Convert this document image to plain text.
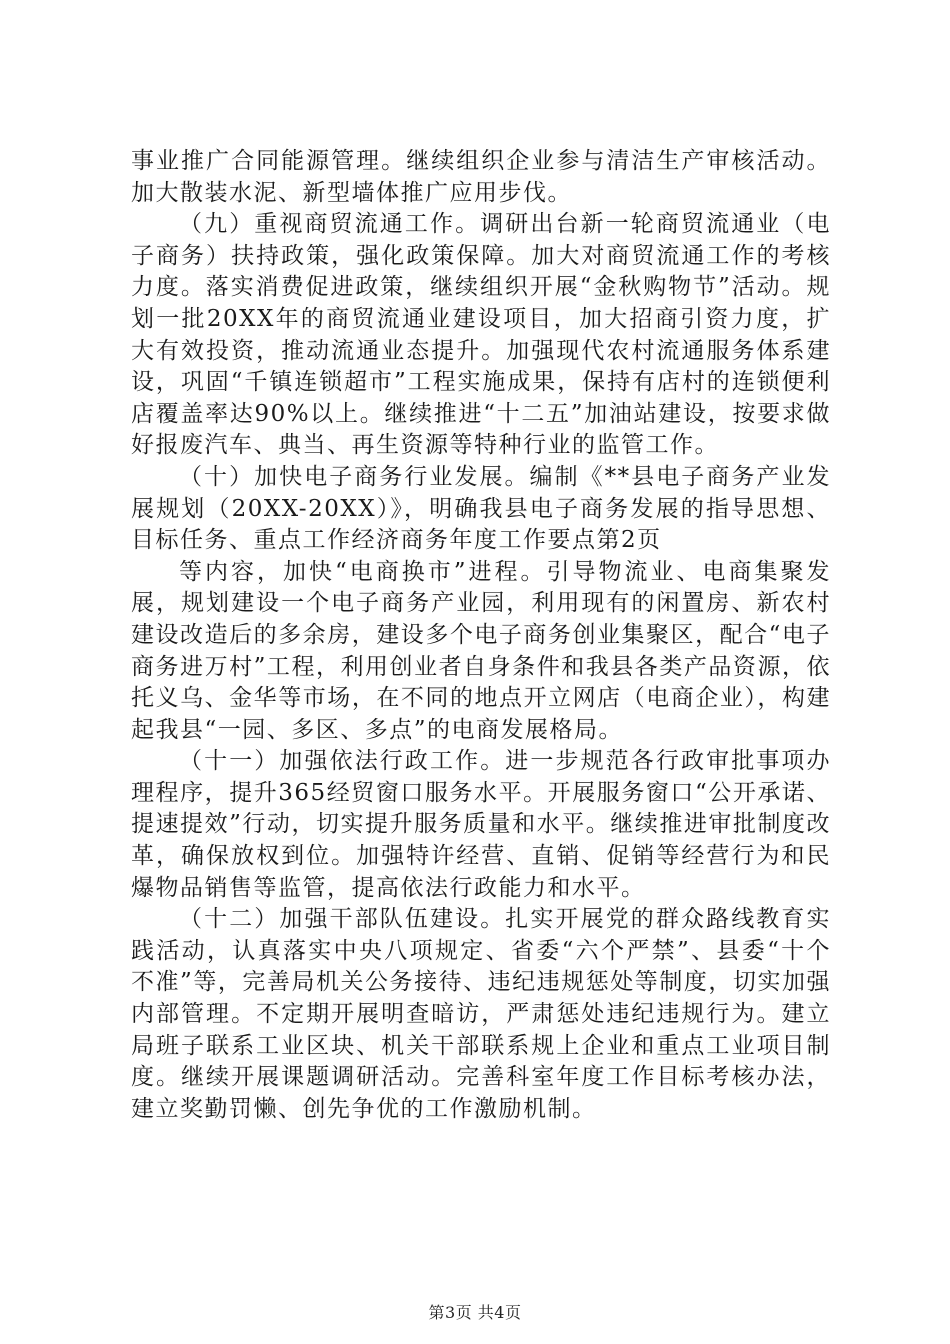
事业推广合同能源管理。继续组织企业参与清洁生产审核活动。加大散装水泥、新型墙体推广应用步伐。

（九）重视商贸流通工作。调研出台新一轮商贸流通业（电子商务）扶持政策，强化政策保障。加大对商贸流通工作的考核力度。落实消费促进政策，继续组织开展“金秋购物节”活动。规划一批20XX年的商贸流通业建设项目，加大招商引资力度，扩大有效投资，推动流通业态提升。加强现代农村流通服务体系建设，巩固“千镇连锁超市”工程实施成果，保持有店村的连锁便利店覆盖率达90%以上。继续推进“十二五”加油站建设，按要求做好报废汽车、典当、再生资源等特种行业的监管工作。

（十）加快电子商务行业发展。编制《**县电子商务产业发展规划（20XX-20XX）》，明确我县电子商务发展的指导思想、目标任务、重点工作经济商务年度工作要点第2页

等内容，加快“电商换市”进程。引导物流业、电商集聚发展，规划建设一个电子商务产业园，利用现有的闲置房、新农村建设改造后的多余房，建设多个电子商务创业集聚区，配合“电子商务进万村”工程，利用创业者自身条件和我县各类产品资源，依托义乌、金华等市场，在不同的地点开立网店（电商企业），构建起我县“一园、多区、多点”的电商发展格局。

（十一）加强依法行政工作。进一步规范各行政审批事项办理程序，提升365经贸窗口服务水平。开展服务窗口“公开承诺、提速提效”行动，切实提升服务质量和水平。继续推进审批制度改革，确保放权到位。加强特许经营、直销、促销等经营行为和民爆物品销售等监管，提高依法行政能力和水平。

（十二）加强干部队伍建设。扎实开展党的群众路线教育实践活动，认真落实中央八项规定、省委“六个严禁”、县委“十个不准”等，完善局机关公务接待、违纪违规惩处等制度，切实加强内部管理。不定期开展明查暗访，严肃惩处违纪违规行为。建立局班子联系工业区块、机关干部联系规上企业和重点工业项目制度。继续开展课题调研活动。完善科室年度工作目标考核办法，建立奖勤罚懒、创先争优的工作激励机制。

第3页 共4页
